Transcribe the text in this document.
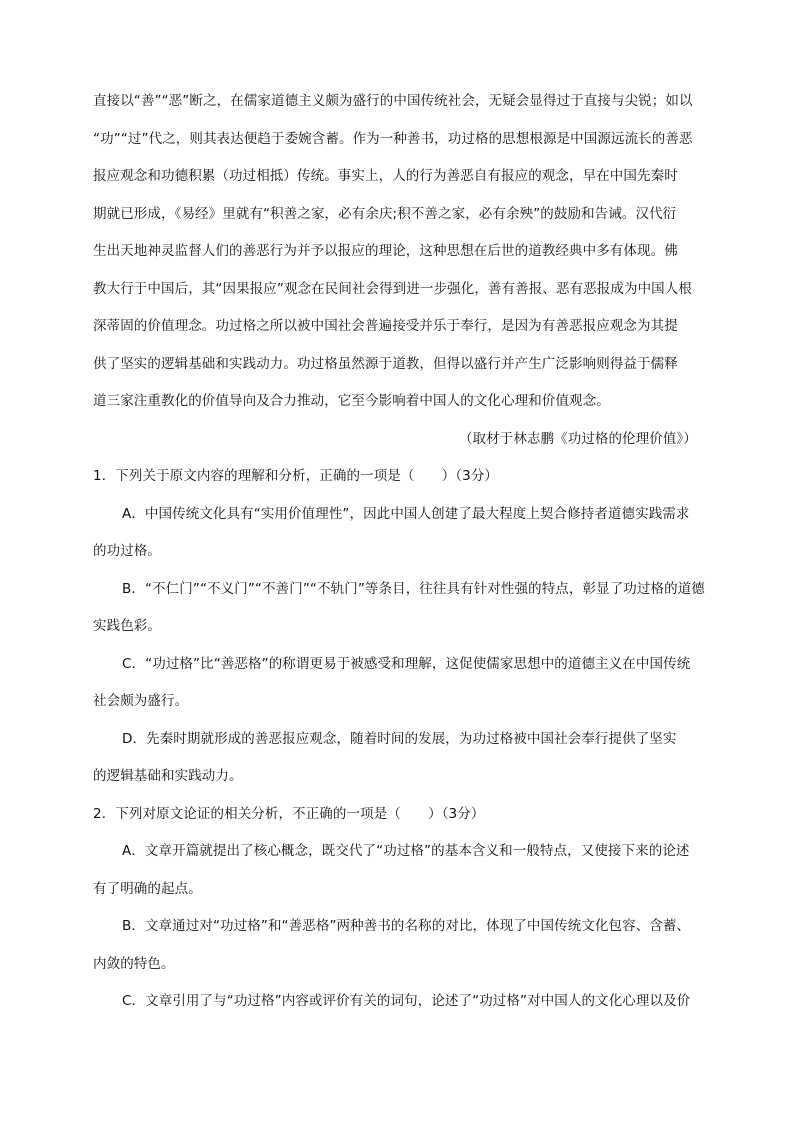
直接以“善”“恶”断之，在儒家道德主义颇为盛行的中国传统社会，无疑会显得过于直接与尖锐；如以
“功”“过”代之，则其表达便趋于委婉含蓄。作为一种善书，功过格的思想根源是中国源远流长的善恶
报应观念和功德积累（功过相抵）传统。事实上，人的行为善恶自有报应的观念，早在中国先秦时
期就已形成，《易经》里就有“积善之家，必有余庆;积不善之家，必有余殃”的鼓励和告诫。汉代衍
生出天地神灵监督人们的善恶行为并予以报应的理论，这种思想在后世的道教经典中多有体现。佛
教大行于中国后，其“因果报应”观念在民间社会得到进一步强化，善有善报、恶有恶报成为中国人根
深蒂固的价值理念。功过格之所以被中国社会普遍接受并乐于奉行，是因为有善恶报应观念为其提
供了坚实的逻辑基础和实践动力。功过格虽然源于道教，但得以盛行并产生广泛影响则得益于儒释
道三家注重教化的价值导向及合力推动，它至今影响着中国人的文化心理和价值观念。
（取材于林志鹏《功过格的伦理价值》）
1．下列关于原文内容的理解和分析，正确的一项是（　　）（3分）
A．中国传统文化具有“实用价值理性”，因此中国人创建了最大程度上契合修持者道德实践需求
的功过格。
B．“不仁门”“不义门”“不善门”“不轨门”等条目，往往具有针对性强的特点，彰显了功过格的道德
实践色彩。
C．“功过格”比“善恶格”的称谓更易于被感受和理解，这促使儒家思想中的道德主义在中国传统
社会颇为盛行。
D．先秦时期就形成的善恶报应观念，随着时间的发展，为功过格被中国社会奉行提供了坚实
的逻辑基础和实践动力。
2．下列对原文论证的相关分析，不正确的一项是（　　）（3分）
A．文章开篇就提出了核心概念，既交代了“功过格”的基本含义和一般特点，又使接下来的论述
有了明确的起点。
B．文章通过对“功过格”和“善恶格”两种善书的名称的对比，体现了中国传统文化包容、含蓄、
内敛的特色。
C．文章引用了与“功过格”内容或评价有关的词句，论述了“功过格”对中国人的文化心理以及价
